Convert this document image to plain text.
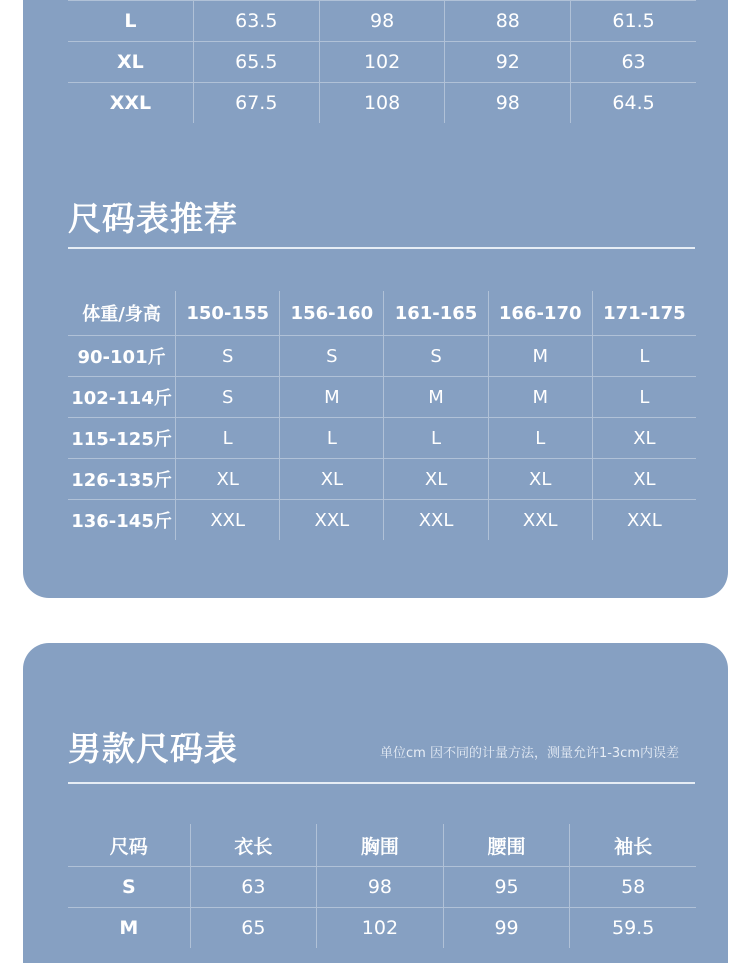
L	63.5	98	88	61.5
XL	65.5	102	92	63
XXL	67.5	108	98	64.5
尺码表推荐
体重/身高	150-155	156-160	161-165	166-170	171-175
90-101斤	S	S	S	M	L
102-114斤	S	M	M	M	L
115-125斤	L	L	L	L	XL
126-135斤	XL	XL	XL	XL	XL
136-145斤	XXL	XXL	XXL	XXL	XXL
男款尺码表	单位cm 因不同的计量方法，测量允许1-3cm内误差
尺码	衣长	胸围	腰围	袖长
S	63	98	95	58
M	65	102	99	59.5
